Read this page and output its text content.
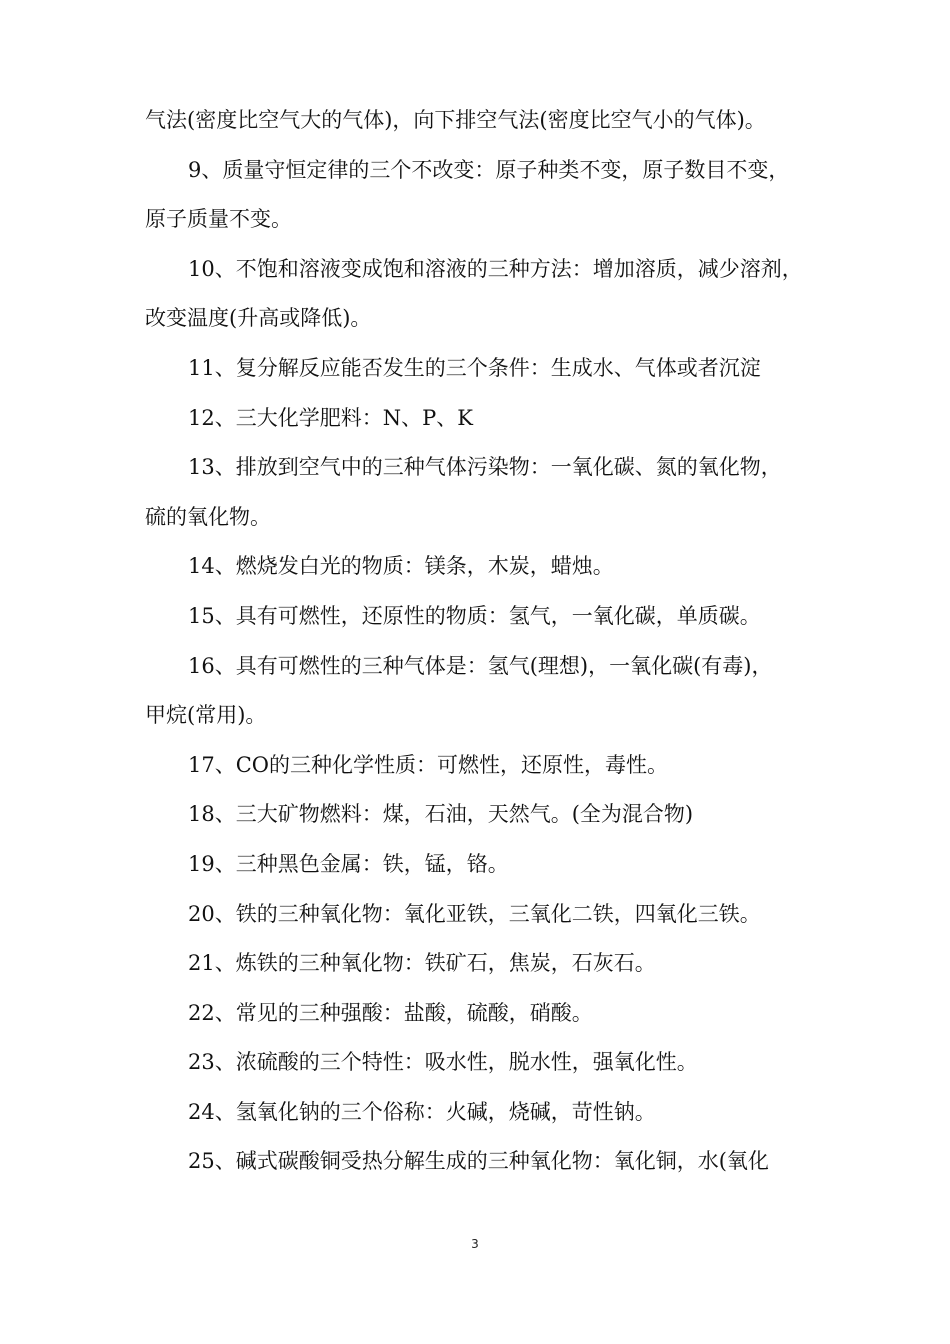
气法(密度比空气大的气体)，向下排空气法(密度比空气小的气体)。
9、质量守恒定律的三个不改变：原子种类不变，原子数目不变，
原子质量不变。
10、不饱和溶液变成饱和溶液的三种方法：增加溶质，减少溶剂，
改变温度(升高或降低)。
11、复分解反应能否发生的三个条件：生成水、气体或者沉淀
12、三大化学肥料：N、P、K
13、排放到空气中的三种气体污染物：一氧化碳、氮的氧化物，
硫的氧化物。
14、燃烧发白光的物质：镁条，木炭，蜡烛。
15、具有可燃性，还原性的物质：氢气，一氧化碳，单质碳。
16、具有可燃性的三种气体是：氢气(理想)，一氧化碳(有毒)，
甲烷(常用)。
17、CO的三种化学性质：可燃性，还原性，毒性。
18、三大矿物燃料：煤，石油，天然气。(全为混合物)
19、三种黑色金属：铁，锰，铬。
20、铁的三种氧化物：氧化亚铁，三氧化二铁，四氧化三铁。
21、炼铁的三种氧化物：铁矿石，焦炭，石灰石。
22、常见的三种强酸：盐酸，硫酸，硝酸。
23、浓硫酸的三个特性：吸水性，脱水性，强氧化性。
24、氢氧化钠的三个俗称：火碱，烧碱，苛性钠。
25、碱式碳酸铜受热分解生成的三种氧化物：氧化铜，水(氧化
3
